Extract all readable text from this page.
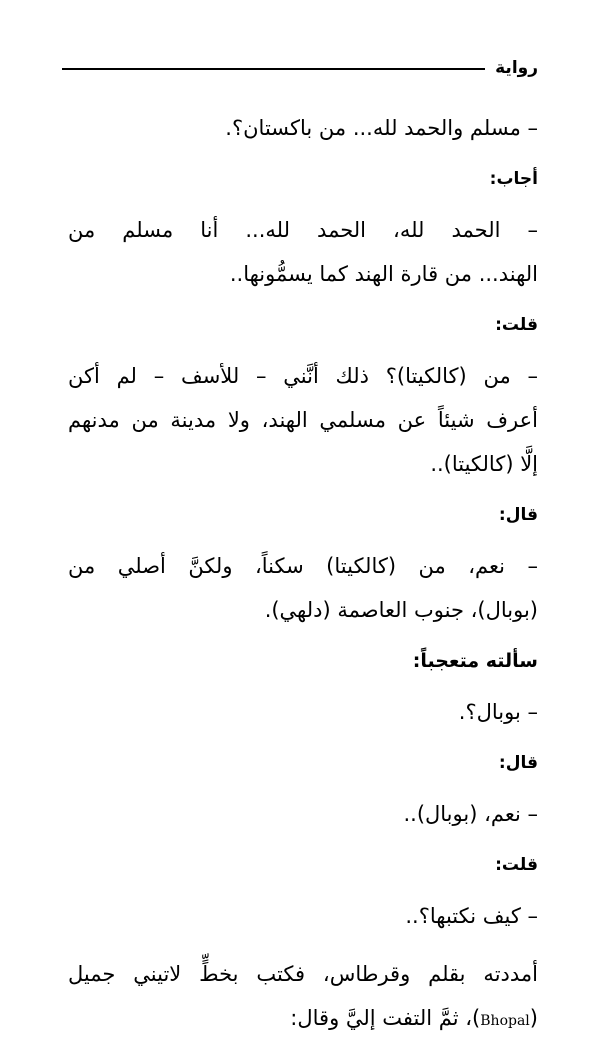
رواية
– مسلم والحمد لله... من باكستان؟.
أجاب:
– الحمد لله، الحمد لله... أنا مسلم من
الهند... من قارة الهند كما يسمُّونها..
قلت:
– من (كالكيتا)؟ ذلك أنَّني – للأسف – لم أكن
أعرف شيئاً عن مسلمي الهند، ولا مدينة من مدنهم
إلَّا (كالكيتا)..
قال:
– نعم، من (كالكيتا) سكناً، ولكنَّ أصلي من
(بوبال)، جنوب العاصمة (دلهي).
سألته متعجباً:
– بوبال؟.
قال:
– نعم، (بوبال)..
قلت:
– كيف نكتبها؟..
أمددته بقلم وقرطاس، فكتب بخطٍّ لاتيني جميل
(Bhopal)، ثمَّ التفت إليَّ وقال:
